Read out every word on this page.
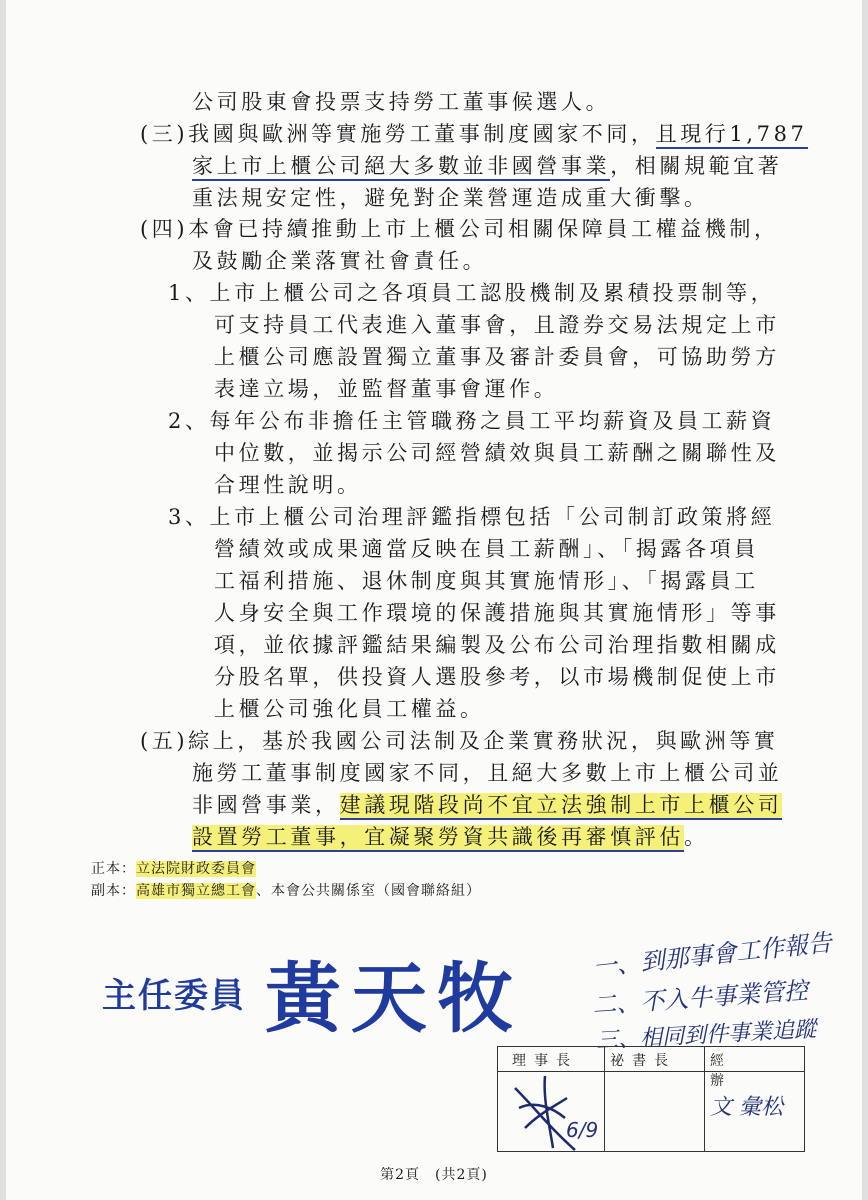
公司股東會投票支持勞工董事候選人。
(三)我國與歐洲等實施勞工董事制度國家不同，且現行1,787
家上市上櫃公司絕大多數並非國營事業，相關規範宜著
重法規安定性，避免對企業營運造成重大衝擊。
(四)本會已持續推動上市上櫃公司相關保障員工權益機制，
及鼓勵企業落實社會責任。
1、上市上櫃公司之各項員工認股機制及累積投票制等，
可支持員工代表進入董事會，且證券交易法規定上市
上櫃公司應設置獨立董事及審計委員會，可協助勞方
表達立場，並監督董事會運作。
2、每年公布非擔任主管職務之員工平均薪資及員工薪資
中位數，並揭示公司經營績效與員工薪酬之關聯性及
合理性說明。
3、上市上櫃公司治理評鑑指標包括「公司制訂政策將經
營績效或成果適當反映在員工薪酬」、「揭露各項員
工福利措施、退休制度與其實施情形」、「揭露員工
人身安全與工作環境的保護措施與其實施情形」等事
項，並依據評鑑結果編製及公布公司治理指數相關成
分股名單，供投資人選股參考，以市場機制促使上市
上櫃公司強化員工權益。
(五)綜上，基於我國公司法制及企業實務狀況，與歐洲等實
施勞工董事制度國家不同，且絕大多數上市上櫃公司並
非國營事業，建議現階段尚不宜立法強制上市上櫃公司
設置勞工董事，宜凝聚勞資共識後再審慎評估。
正本：立法院財政委員會
副本：高雄市獨立總工會、本會公共關係室（國會聯絡組）
主任委員 黃天牧	一、到那事會工作報告
二、不入牛事業管控
三、相同到件事業追蹤
理事長 祕書長 經辦
6/9
文 彙松
第2頁　(共2頁)
